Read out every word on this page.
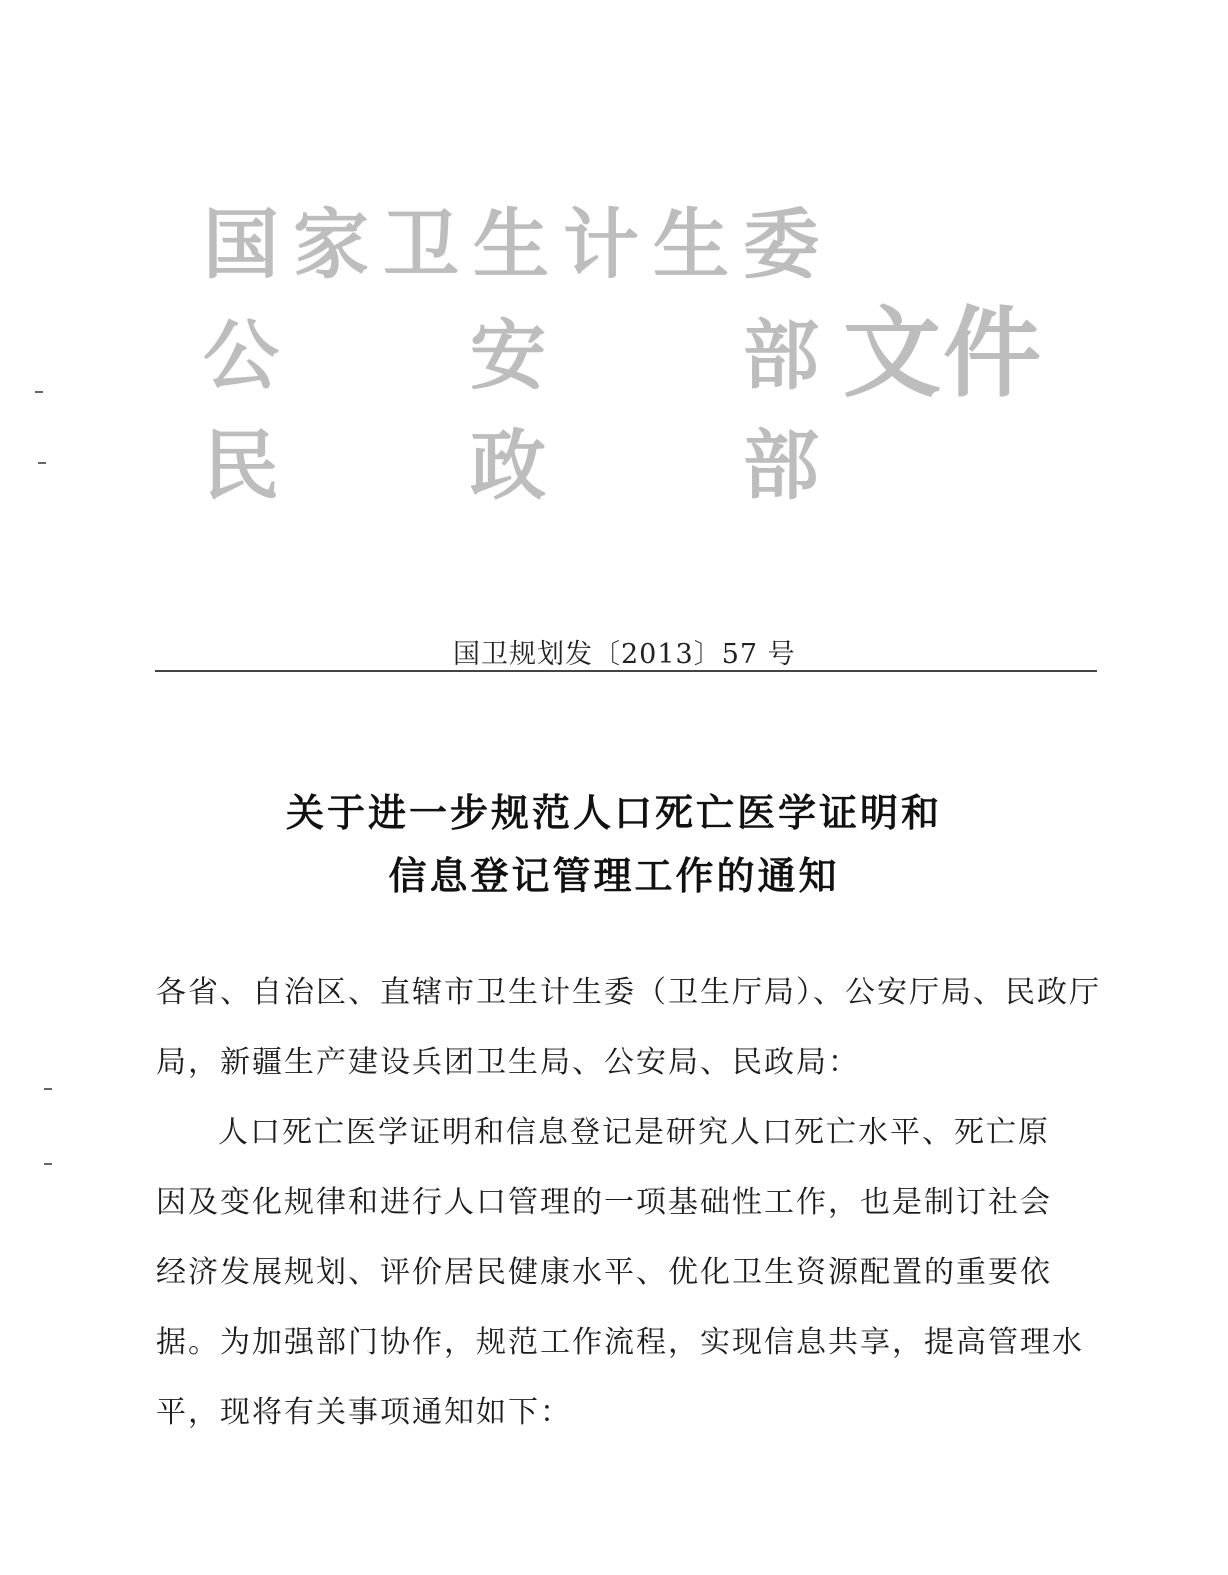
国 家 卫 生 计 生 委
公	安	部 文 件
民	政	部
国卫规划发〔2013〕57 号
关于进一步规范人口死亡医学证明和
信息登记管理工作的通知
各省、自治区、直辖市卫生计生委（卫生厅局）、公安厅局、民政厅
局，新疆生产建设兵团卫生局、公安局、民政局：
人口死亡医学证明和信息登记是研究人口死亡水平、死亡原
因及变化规律和进行人口管理的一项基础性工作，也是制订社会
经济发展规划、评价居民健康水平、优化卫生资源配置的重要依
据。为加强部门协作，规范工作流程，实现信息共享，提高管理水
平，现将有关事项通知如下：
